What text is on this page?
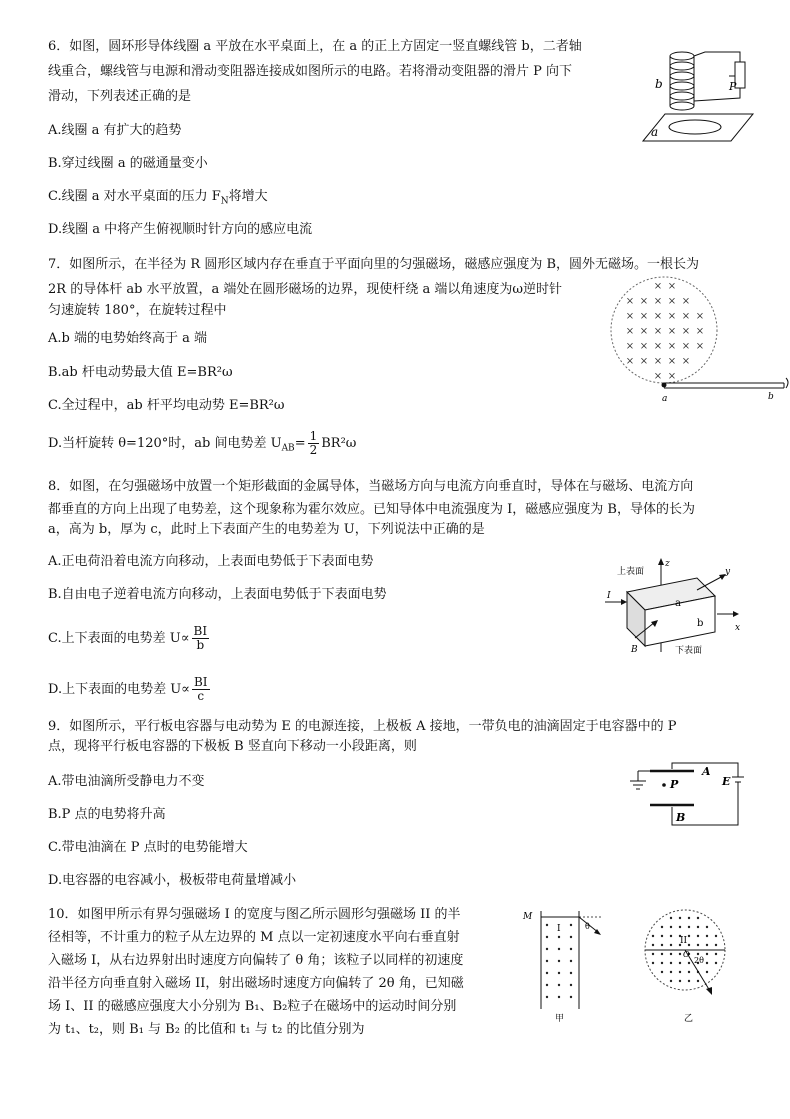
6．如图，圆环形导体线圈 a 平放在水平桌面上，在 a 的正上方固定一竖直螺线管 b，二者轴
线重合，螺线管与电源和滑动变阻器连接成如图所示的电路。若将滑动变阻器的滑片 P 向下
滑动，下列表述正确的是
A.线圈 a 有扩大的趋势
B.穿过线圈 a 的磁通量变小
C.线圈 a 对水平桌面的压力 $F_N$将增大
D.线圈 a 中将产生俯视顺时针方向的感应电流
b
a
P
7．如图所示，在半径为 R 圆形区域内存在垂直于平面向里的匀强磁场，磁感应强度为 B，圆外无磁场。一根长为
2R 的导体杆 ab 水平放置，a 端处在圆形磁场的边界，现使杆绕 a 端以角速度为ω逆时针
匀速旋转 180°，在旋转过程中
A.b 端的电势始终高于 a 端
B.ab 杆电动势最大值 E=BR²ω
C.全过程中，ab 杆平均电动势 E=BR²ω
D.当杆旋转 θ=120°时，ab 间电势差 $U_{AB}= \frac{1}{2} BR^2\omega$
× ×
× × × × ×
× × × × × ×
× × × × × ×
× × × × × ×
× × × × ×
× ×
a	b
8．如图，在匀强磁场中放置一个矩形截面的金属导体，当磁场方向与电流方向垂直时，导体在与磁场、电流方向
都垂直的方向上出现了电势差，这个现象称为霍尔效应。已知导体中电流强度为 I，磁感应强度为 B，导体的长为
a，高为 b，厚为 c，此时上下表面产生的电势差为 U，下列说法中正确的是
A.正电荷沿着电流方向移动，上表面电势低于下表面电势
B.自由电子逆着电流方向移动，上表面电势低于下表面电势
C.上下表面的电势差 $U\propto \frac{BI}{b}$
D.上下表面的电势差 $U\propto \frac{BI}{c}$
上表面
下表面
a
b
I
B
x
y
z
9．如图所示，平行板电容器与电动势为 E 的电源连接，上极板 A 接地，一带负电的油滴固定于电容器中的 P
点，现将平行板电容器的下极板 B 竖直向下移动一小段距离，则
A.带电油滴所受静电力不变
B.P 点的电势将升高
C.带电油滴在 P 点时的电势能增大
D.电容器的电容减小，极板带电荷量增减小
A
P
B
E
10．如图甲所示有界匀强磁场 I 的宽度与图乙所示圆形匀强磁场 II 的半
径相等，不计重力的粒子从左边界的 M 点以一定初速度水平向右垂直射
入磁场 I，从右边界射出时速度方向偏转了 θ 角；该粒子以同样的初速度
沿半径方向垂直射入磁场 II，射出磁场时速度方向偏转了 2θ 角，已知磁
场 I、II 的磁感应强度大小分别为 B₁、B₂粒子在磁场中的运动时间分别
为 t₁、t₂，则 B₁ 与 B₂ 的比值和 t₁ 与 t₂ 的比值分别为
M
I	θ
甲
II
O
2θ
乙
